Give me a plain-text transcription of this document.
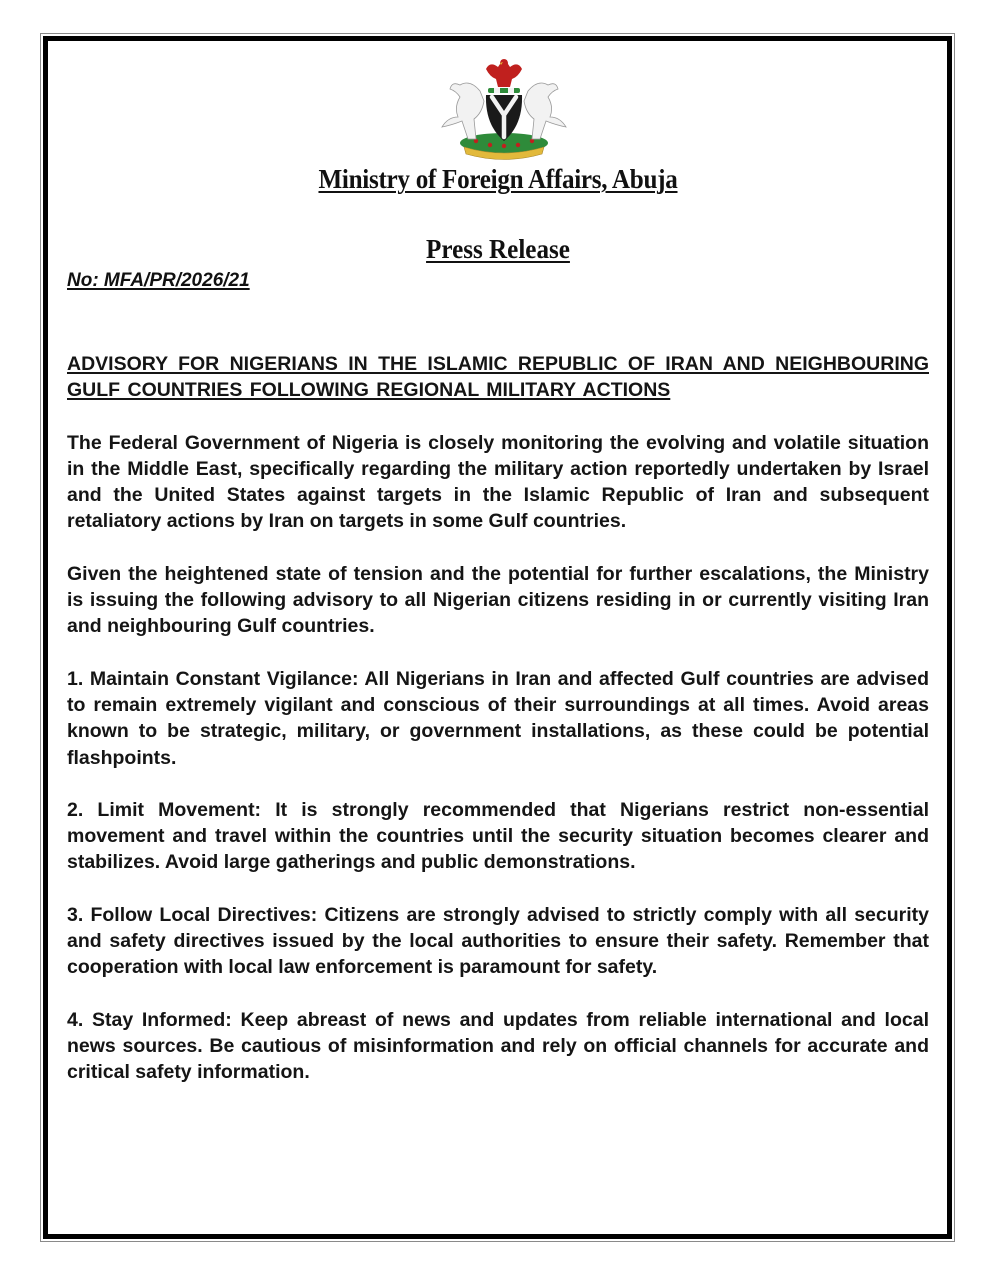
Ministry of Foreign Affairs, Abuja
Press Release

No: MFA/PR/2026/21

ADVISORY FOR NIGERIANS IN THE ISLAMIC REPUBLIC OF IRAN AND NEIGHBOURING GULF COUNTRIES FOLLOWING REGIONAL MILITARY ACTIONS

The Federal Government of Nigeria is closely monitoring the evolving and volatile situation in the Middle East, specifically regarding the military action reportedly undertaken by Israel and the United States against targets in the Islamic Republic of Iran and subsequent retaliatory actions by Iran on targets in some Gulf countries.

Given the heightened state of tension and the potential for further escalations, the Ministry is issuing the following advisory to all Nigerian citizens residing in or currently visiting Iran and neighbouring Gulf countries.

1. Maintain Constant Vigilance: All Nigerians in Iran and affected Gulf countries are advised to remain extremely vigilant and conscious of their surroundings at all times. Avoid areas known to be strategic, military, or government installations, as these could be potential flashpoints.

2. Limit Movement: It is strongly recommended that Nigerians restrict non-essential movement and travel within the countries until the security situation becomes clearer and stabilizes. Avoid large gatherings and public demonstrations.

3. Follow Local Directives: Citizens are strongly advised to strictly comply with all security and safety directives issued by the local authorities to ensure their safety. Remember that cooperation with local law enforcement is paramount for safety.

4. Stay Informed: Keep abreast of news and updates from reliable international and local news sources. Be cautious of misinformation and rely on official channels for accurate and critical safety information.
